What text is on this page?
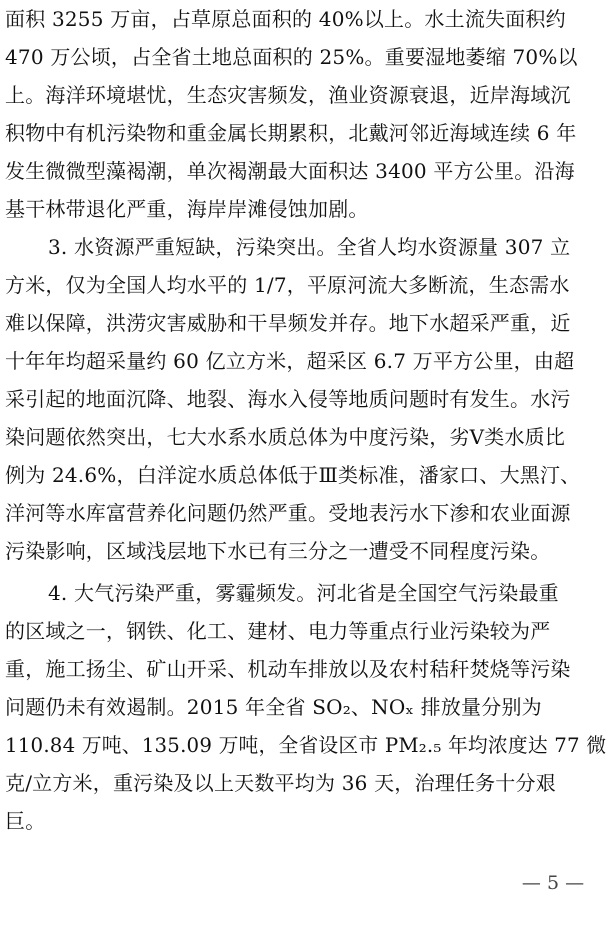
面积 3255 万亩，占草原总面积的 40%以上。水土流失面积约
470 万公顷，占全省土地总面积的 25%。重要湿地萎缩 70%以
上。海洋环境堪忧，生态灾害频发，渔业资源衰退，近岸海域沉
积物中有机污染物和重金属长期累积，北戴河邻近海域连续 6 年
发生微微型藻褐潮，单次褐潮最大面积达 3400 平方公里。沿海
基干林带退化严重，海岸岸滩侵蚀加剧。
3. 水资源严重短缺，污染突出。全省人均水资源量 307 立
方米，仅为全国人均水平的 1/7，平原河流大多断流，生态需水
难以保障，洪涝灾害威胁和干旱频发并存。地下水超采严重，近
十年年均超采量约 60 亿立方米，超采区 6.7 万平方公里，由超
采引起的地面沉降、地裂、海水入侵等地质问题时有发生。水污
染问题依然突出，七大水系水质总体为中度污染，劣Ⅴ类水质比
例为 24.6%，白洋淀水质总体低于Ⅲ类标准，潘家口、大黑汀、
洋河等水库富营养化问题仍然严重。受地表污水下渗和农业面源
污染影响，区域浅层地下水已有三分之一遭受不同程度污染。
4. 大气污染严重，雾霾频发。河北省是全国空气污染最重
的区域之一，钢铁、化工、建材、电力等重点行业污染较为严
重，施工扬尘、矿山开采、机动车排放以及农村秸秆焚烧等污染
问题仍未有效遏制。2015 年全省 SO₂、NOₓ 排放量分别为
110.84 万吨、135.09 万吨，全省设区市 PM₂.₅ 年均浓度达 77 微
克/立方米，重污染及以上天数平均为 36 天，治理任务十分艰
巨。
— 5 —
